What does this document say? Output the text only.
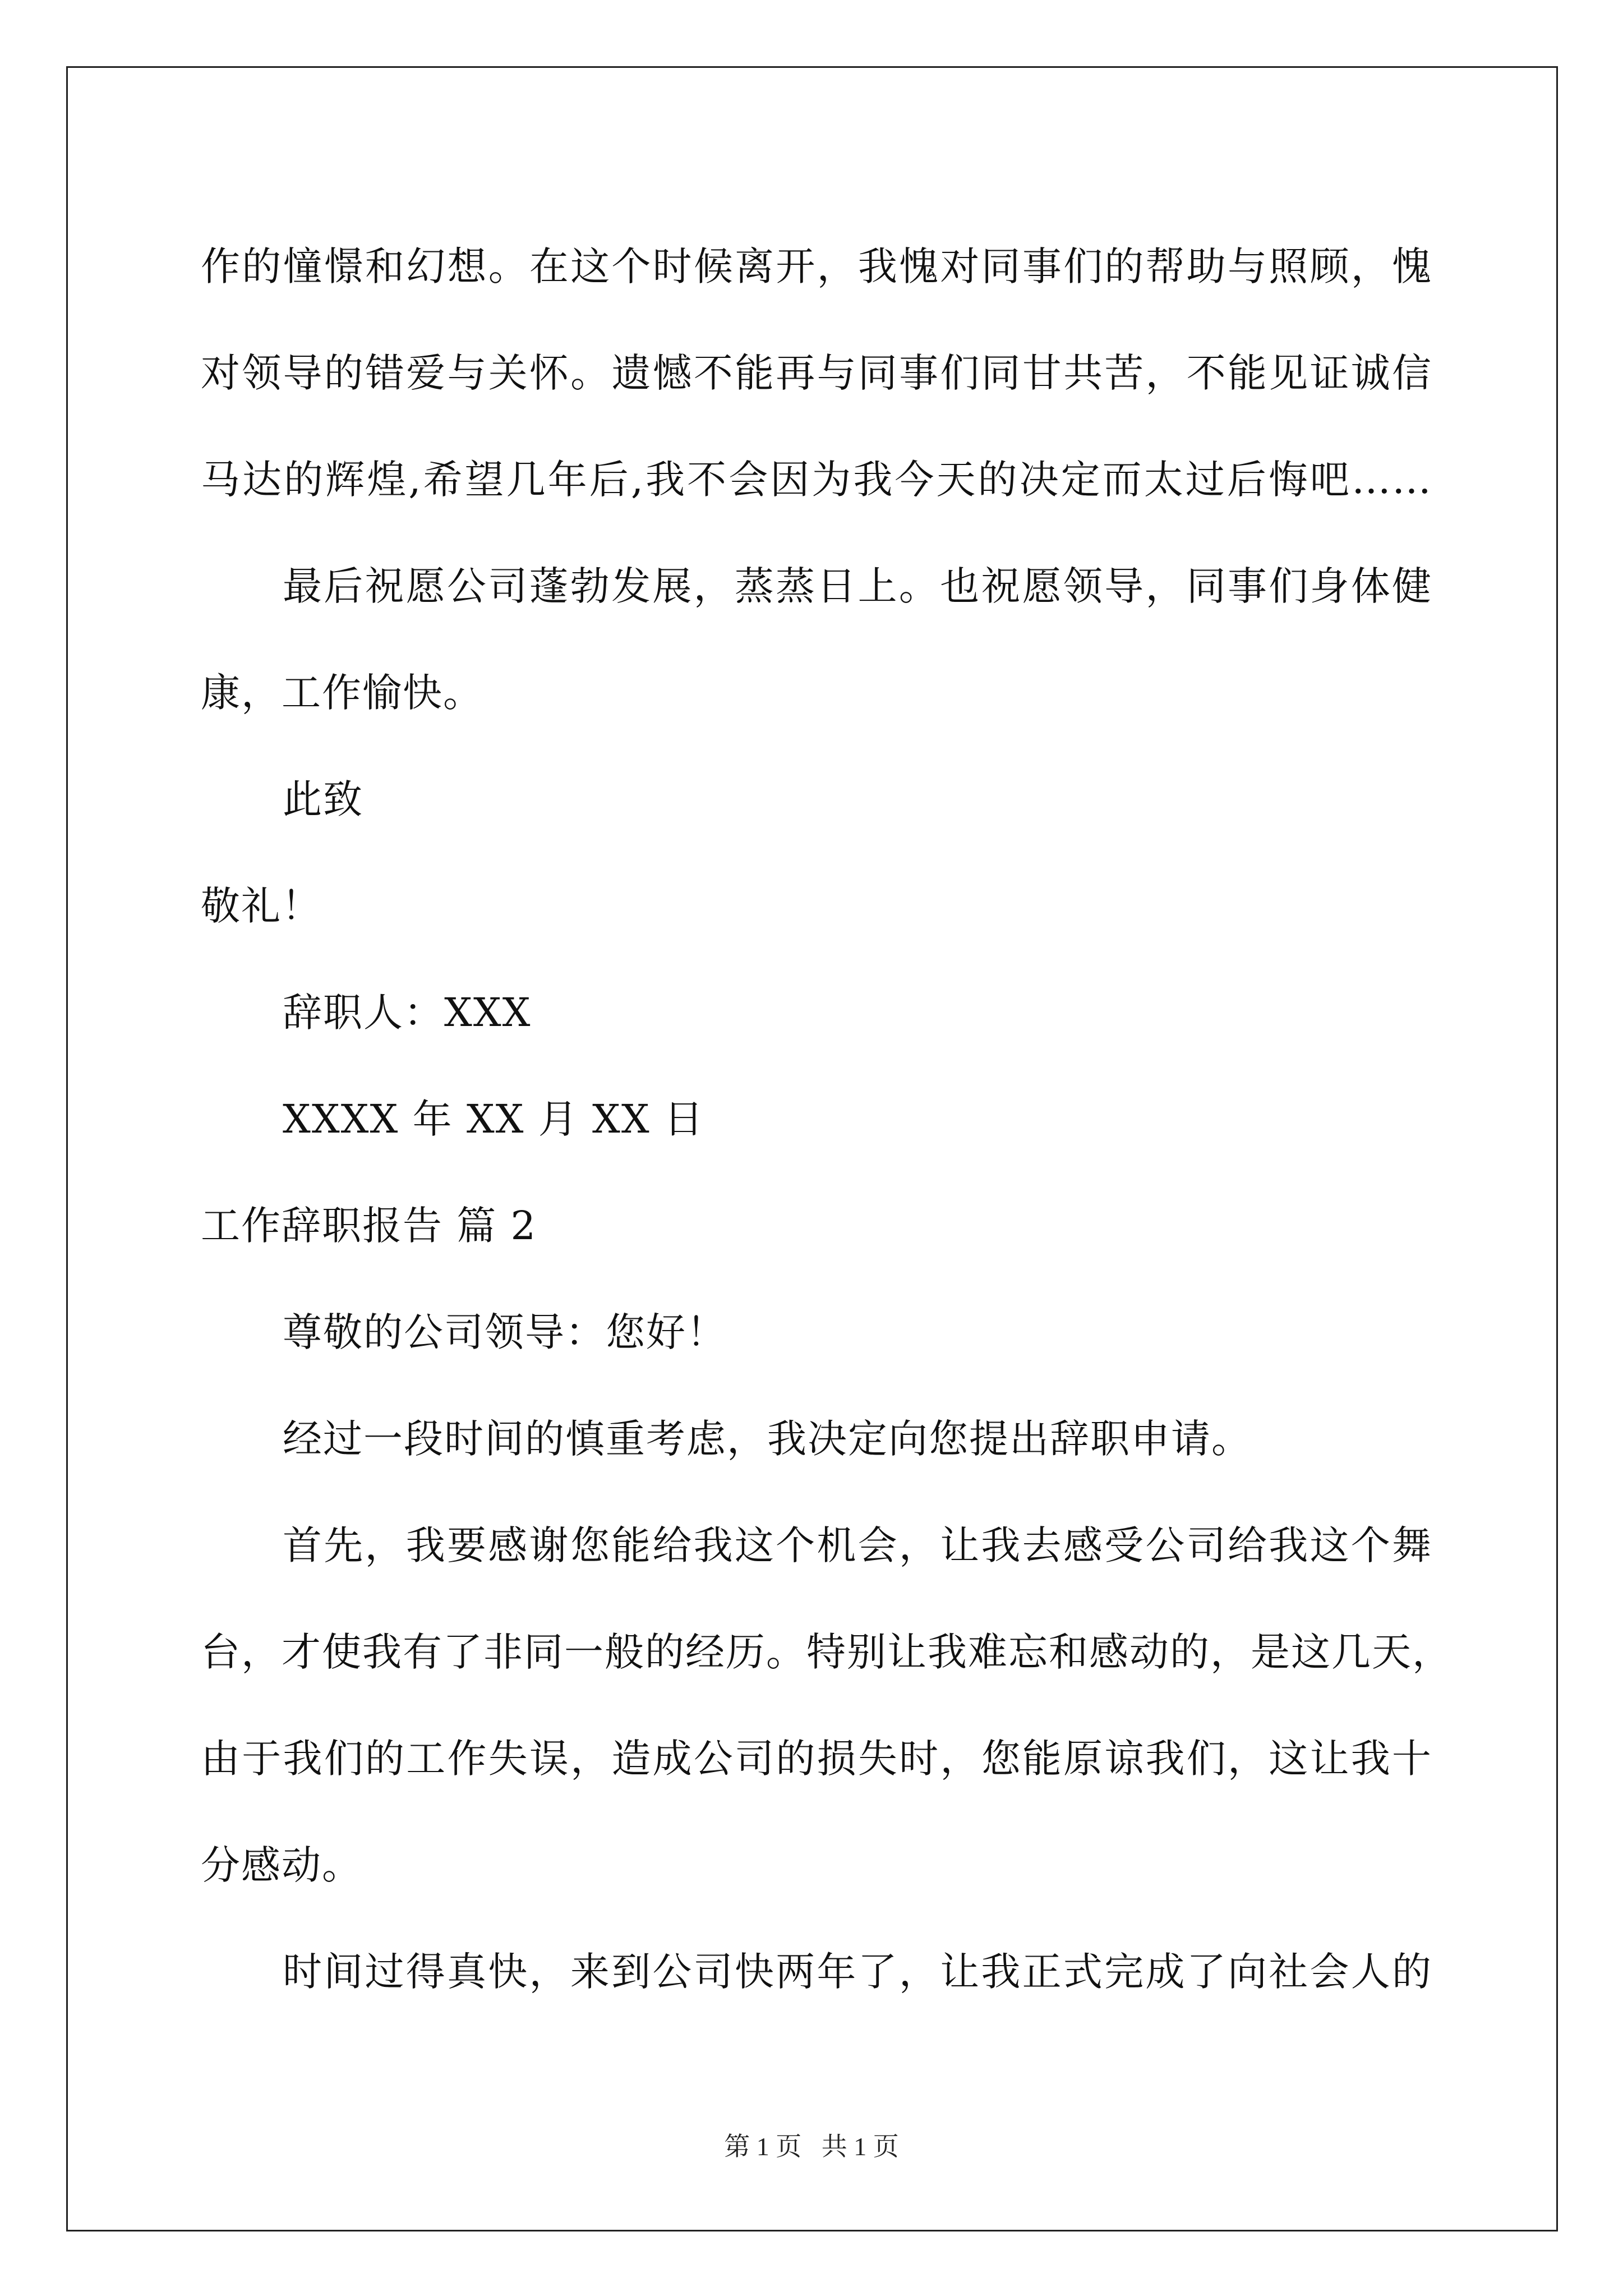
作的憧憬和幻想。在这个时候离开，我愧对同事们的帮助与照顾，愧
对领导的错爱与关怀。遗憾不能再与同事们同甘共苦，不能见证诚信
马达的辉煌,希望几年后,我不会因为我今天的决定而太过后悔吧……
最后祝愿公司蓬勃发展，蒸蒸日上。也祝愿领导，同事们身体健
康，工作愉快。
此致
敬礼！
辞职人：XXX
XXXX 年 XX 月 XX 日
工作辞职报告 篇 2
尊敬的公司领导：您好！
经过一段时间的慎重考虑，我决定向您提出辞职申请。
首先，我要感谢您能给我这个机会，让我去感受公司给我这个舞
台，才使我有了非同一般的经历。特别让我难忘和感动的，是这几天，
由于我们的工作失误，造成公司的损失时，您能原谅我们，这让我十
分感动。
时间过得真快，来到公司快两年了，让我正式完成了向社会人的
第 1 页 共 1 页
